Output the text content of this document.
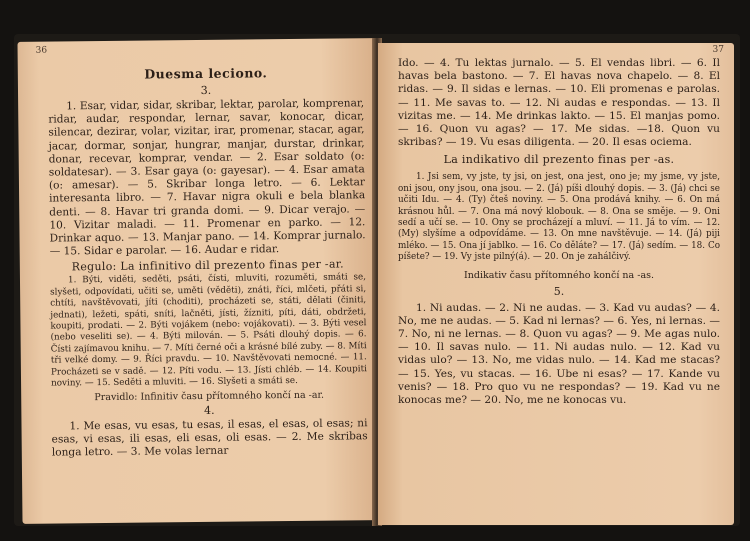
36
Duesma leciono.
3.

1. Esar, vidar, sidar, skribar, lektar, parolar, komprenar, ridar, audar, respondar, lernar, savar, konocar, dicar, silencar, dezirar, volar, vizitar, irar, promenar, stacar, agar, jacar, dormar, sonjar, hungrar, manjar, durstar, drinkar, donar, recevar, komprar, vendar. — 2. Esar soldato (o: soldatesar). — 3. Esar gaya (o: gayesar). — 4. Esar amata (o: amesar). — 5. Skribar longa letro. — 6. Lektar interesanta libro. — 7. Havar nigra okuli e bela blanka denti. — 8. Havar tri granda domi. — 9. Dicar verajo. — 10. Vizitar maladi. — 11. Promenar en parko. — 12. Drinkar aquo. — 13. Manjar pano. — 14. Komprar jurnalo. — 15. Sidar e parolar. — 16. Audar e ridar.

Regulo: La infinitivo dil prezento finas per -ar.

1. Býti, viděti, seděti, psáti, čísti, mluviti, rozuměti, smáti se, slyšeti, odpovídati, učiti se, uměti (věděti), znáti, říci, mlčeti, přáti si, chtíti, navštěvovati, jíti (choditi), procházeti se, státi, dělati (činiti, jednati), ležeti, spáti, sníti, lačněti, jísti, žízniti, píti, dáti, obdržeti, koupiti, prodati. — 2. Býti vojákem (nebo: vojákovati). — 3. Býti vesel (nebo veseliti se). — 4. Býti milován. — 5. Psáti dlouhý dopis. — 6. Čísti zajímavou knihu. — 7. Míti černé oči a krásné bílé zuby. — 8. Míti tři velké domy. — 9. Říci pravdu. — 10. Navštěvovati nemocné. — 11. Procházeti se v sadě. — 12. Píti vodu. — 13. Jísti chléb. — 14. Koupiti noviny. — 15. Seděti a mluviti. — 16. Slyšeti a smáti se.

Pravidlo: Infinitiv času přítomného končí na -ar.
4.

1. Me esas, vu esas, tu esas, il esas, el esas, ol esas; ni esas, vi esas, ili esas, eli esas, oli esas. — 2. Me skribas longa letro. — 3. Me volas lernar

37

Ido. — 4. Tu lektas jurnalo. — 5. El vendas libri. — 6. Il havas bela bastono. — 7. El havas nova chapelo. — 8. El ridas. — 9. Il sidas e lernas. — 10. Eli promenas e parolas. — 11. Me savas to. — 12. Ni audas e respondas. — 13. Il vizitas me. — 14. Me drinkas lakto. — 15. El manjas pomo. — 16. Quon vu agas? — 17. Me sidas. —18. Quon vu skribas? — 19. Vu esas diligenta. — 20. Il esas ociema.

La indikativo dil prezento finas per -as.

1. Jsi sem, vy jste, ty jsi, on jest, ona jest, ono je; my jsme, vy jste, oni jsou, ony jsou, ona jsou. — 2. (Já) píši dlouhý dopis. — 3. (Já) chci se učiti Idu. — 4. (Ty) čteš noviny. — 5. Ona prodává knihy. — 6. On má krásnou hůl. — 7. Ona má nový klobouk. — 8. Ona se směje. — 9. Oni sedí a učí se. — 10. Ony se procházejí a mluví. — 11. Já to vím. — 12. (My) slyšíme a odpovídáme. — 13. On mne navštěvuje. — 14. (Já) piji mléko. — 15. Ona jí jablko. — 16. Co děláte? — 17. (Já) sedím. — 18. Co píšete? — 19. Vy jste pilný(á). — 20. On je zahálčivý.

Indikativ času přítomného končí na -as.
5.

1. Ni audas. — 2. Ni ne audas. — 3. Kad vu audas? — 4. No, me ne audas. — 5. Kad ni lernas? — 6. Yes, ni lernas. — 7. No, ni ne lernas. — 8. Quon vu agas? — 9. Me agas nulo. — 10. Il savas nulo. — 11. Ni audas nulo. — 12. Kad vu vidas ulo? — 13. No, me vidas nulo. — 14. Kad me stacas? — 15. Yes, vu stacas. — 16. Ube ni esas? — 17. Kande vu venis? — 18. Pro quo vu ne respondas? — 19. Kad vu ne konocas me? — 20. No, me ne konocas vu.
